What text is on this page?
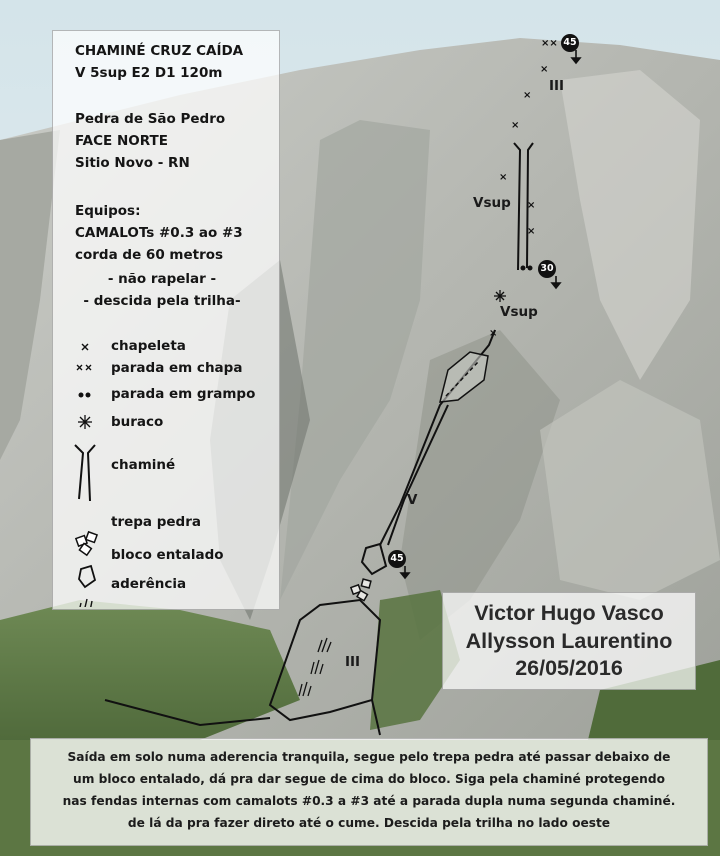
×
×
×
×
×
×
×
××
III
Vsup
Vsup
V
III
45
30
45
CHAMINÉ CRUZ CAÍDA
V 5sup E2 D1 120m
Pedra de São Pedro
FACE NORTE
Sitio Novo - RN
Equipos:
CAMALOTs #0.3 ao #3
corda de 60 metros
- não rapelar -
- descida pela trilha-
chapeleta
parada em chapa
parada em grampo
buraco
chaminé
trepa pedra
bloco entalado
aderência
Victor Hugo Vasco
Allysson Laurentino
26/05/2016
Saída em solo numa aderencia tranquila, segue pelo trepa pedra até passar debaixo de
um bloco entalado, dá pra dar segue de cima do bloco. Siga pela chaminé protegendo
nas fendas internas com camalots #0.3 a #3 até a parada dupla numa segunda chaminé.
de lá da pra fazer direto até o cume. Descida pela trilha no lado oeste
